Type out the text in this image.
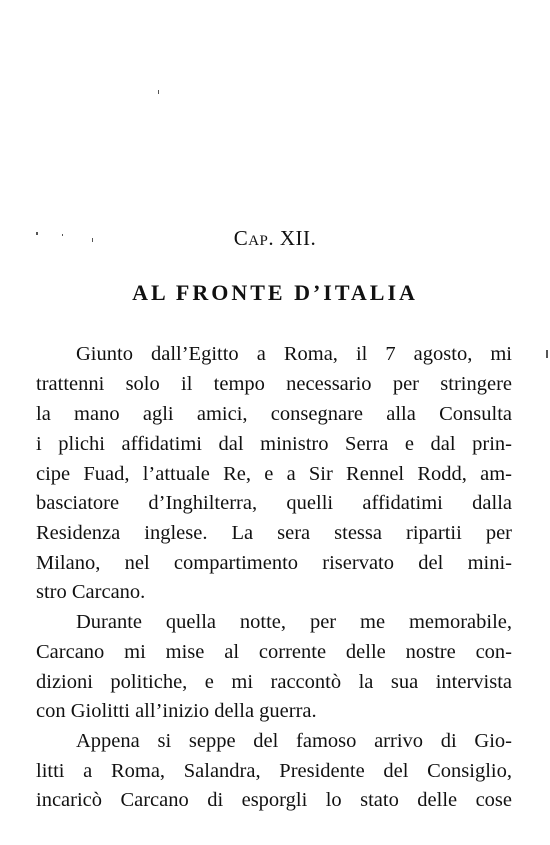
Cap. XII.
AL FRONTE D’ITALIA
Giunto dall’Egitto a Roma, il 7 agosto, mi
trattenni solo il tempo necessario per stringere
la mano agli amici, consegnare alla Consulta
i plichi affidatimi dal ministro Serra e dal prin-
cipe Fuad, l’attuale Re, e a Sir Rennel Rodd, am-
basciatore d’Inghilterra, quelli affidatimi dalla
Residenza inglese. La sera stessa ripartii per
Milano, nel compartimento riservato del mini-
stro Carcano.
Durante quella notte, per me memorabile,
Carcano mi mise al corrente delle nostre con-
dizioni politiche, e mi raccontò la sua intervista
con Giolitti all’inizio della guerra.
Appena si seppe del famoso arrivo di Gio-
litti a Roma, Salandra, Presidente del Consiglio,
incaricò Carcano di esporgli lo stato delle cose
